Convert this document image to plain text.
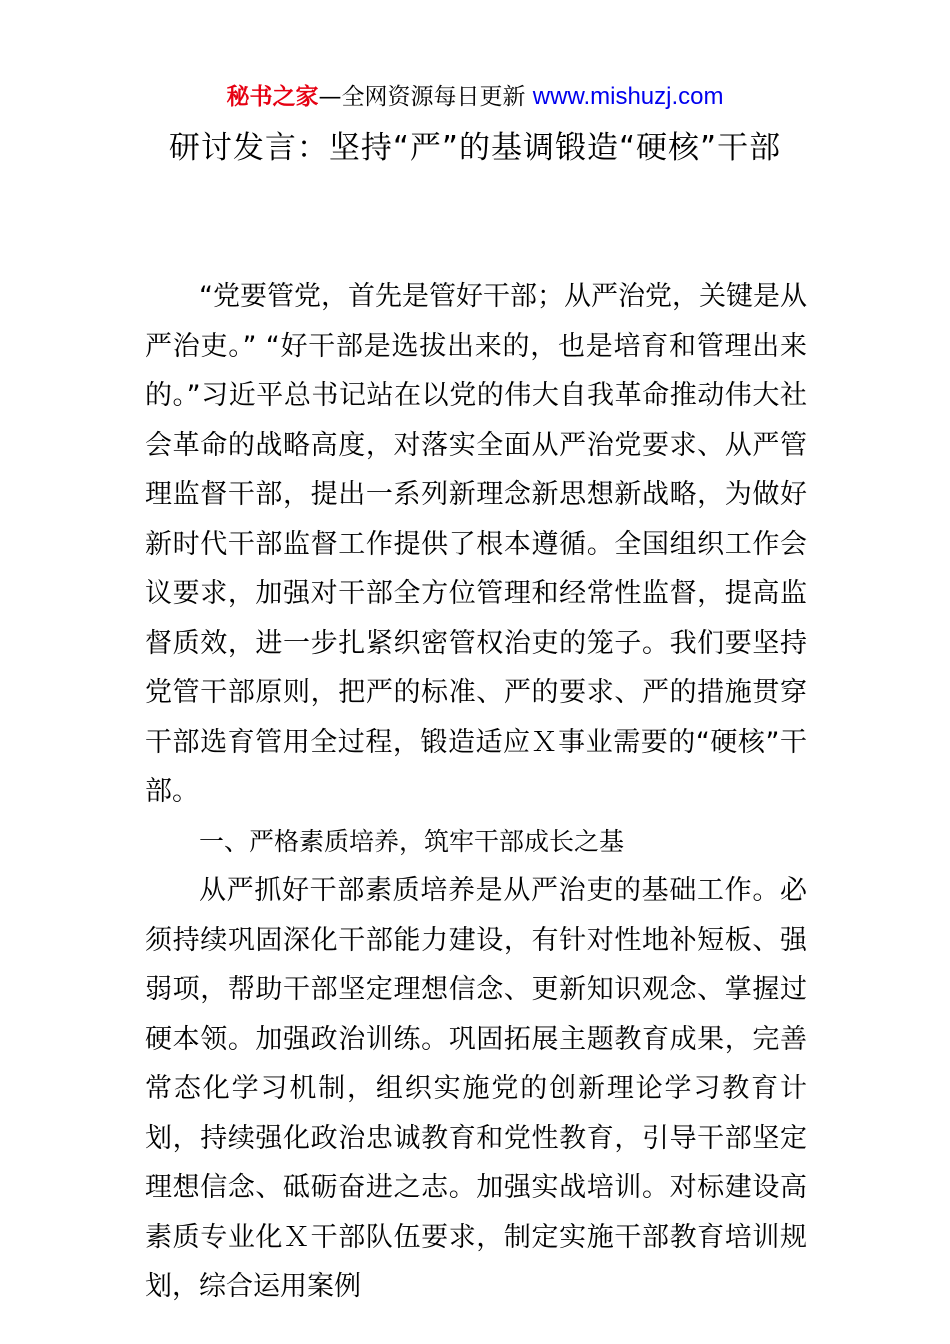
秘书之家—全网资源每日更新 www.mishuzj.com
研讨发言：坚持“严”的基调锻造“硬核”干部

“党要管党，首先是管好干部；从严治党，关键是从严治吏。” “好干部是选拔出来的，也是培育和管理出来的。”习近平总书记站在以党的伟大自我革命推动伟大社会革命的战略高度，对落实全面从严治党要求、从严管理监督干部，提出一系列新理念新思想新战略，为做好新时代干部监督工作提供了根本遵循。全国组织工作会议要求，加强对干部全方位管理和经常性监督，提高监督质效，进一步扎紧织密管权治吏的笼子。我们要坚持党管干部原则，把严的标准、严的要求、严的措施贯穿干部选育管用全过程，锻造适应Ｘ事业需要的“硬核”干部。

一、严格素质培养，筑牢干部成长之基

从严抓好干部素质培养是从严治吏的基础工作。必须持续巩固深化干部能力建设，有针对性地补短板、强弱项，帮助干部坚定理想信念、更新知识观念、掌握过硬本领。加强政治训练。巩固拓展主题教育成果，完善常态化学习机制，组织实施党的创新理论学习教育计划，持续强化政治忠诚教育和党性教育，引导干部坚定理想信念、砥砺奋进之志。加强实战培训。对标建设高素质专业化Ｘ干部队伍要求，制定实施干部教育培训规划，综合运用案例
